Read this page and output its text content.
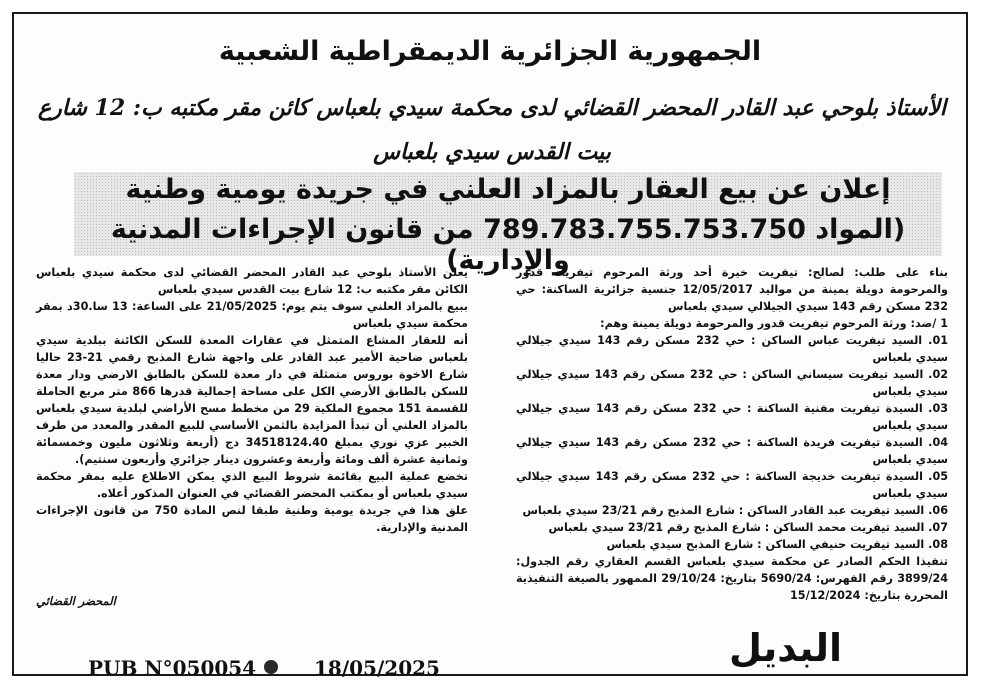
الجمهورية الجزائرية الديمقراطية الشعبية
الأستاذ بلوحي عبد القادر المحضر القضائي لدى محكمة سيدي بلعباس كائن مقر مكتبه ب: 12 شارع بيت القدس سيدي بلعباس
إعلان عن بيع العقار بالمزاد العلني في جريدة يومية وطنية
(المواد 789.783.755.753.750 من قانون الإجراءات المدنية والإدارية)

بناء على طلب: لصالح: تيفريت خيرة أحد ورثة المرحوم تيفريت قدور والمرحومة دويلة يمينة من مواليد 12/05/2017 جنسية جزائرية الساكنة: حي 232 مسكن رقم 143 سيدي الجيلالي سيدي بلعباس

1 /ضد: ورثة المرحوم تيفريت قدور والمرحومة دويلة يمينة وهم:

01. السيد تيفريت عباس الساكن : حي 232 مسكن رقم 143 سيدي جيلالي سيدي بلعباس

02. السيد تيفريت سيساني الساكن : حي 232 مسكن رقم 143 سيدي جيلالي سيدي بلعباس

03. السيدة تيفريت مفنية الساكنة : حي 232 مسكن رقم 143 سيدي جيلالي سيدي بلعباس

04. السيدة تيفريت فريدة الساكنة : حي 232 مسكن رقم 143 سيدي جيلالي سيدي بلعباس

05. السيدة تيفريت خديجة الساكنة : حي 232 مسكن رقم 143 سيدي جيلالي سيدي بلعباس

06. السيد تيفريت عبد القادر الساكن : شارع المذبح رقم 23/21 سيدي بلعباس

07. السيد تيفريت محمد الساكن : شارع المذبح رقم 23/21 سيدي بلعباس

08. السيد تيفريت حنيفي الساكن : شارع المذبح سيدي بلعباس

تنفيذا الحكم الصادر عن محكمة سيدي بلعباس القسم العقاري رقم الجدول: 3899/24 رقم الفهرس: 5690/24 بتاريخ: 29/10/24 الممهور بالصيغة التنفيذية المحررة بتاريخ: 15/12/2024

يعلن الأستاذ بلوحي عبد القادر المحضر القضائي لدى محكمة سيدي بلعباس الكائن مقر مكتبه ب: 12 شارع بيت القدس سيدي بلعباس

ببيع بالمزاد العلني سوف يتم يوم: 21/05/2025 على الساعة: 13 سا.30د بمقر محكمة سيدي بلعباس

أنه للعقار المشاع المتمثل في عقارات المعدة للسكن الكائنة ببلدية سيدي بلعباس ضاحية الأمير عبد القادر على واجهة شارع المذبح رقمي 21-23 حاليا شارع الاخوة بوروس متمثلة في دار معدة للسكن بالطابق الارضي ودار معدة للسكن بالطابق الأرضي الكل على مساحة إجمالية قدرها 866 متر مربع الحاملة للقسمة 151 مجموع الملكية 29 من مخطط مسح الأراضي لبلدية سيدي بلعباس بالمزاد العلني أن تبدأ المزايدة بالثمن الأساسي للبيع المقدر والمعدد من طرف الخبير عزي نوري بمبلغ 34518124.40 دج (أربعة وثلاثون مليون وخمسمائة وثمانية عشرة ألف ومائة وأربعة وعشرون دينار جزائري وأربعون سنتيم).

تخضع عملية البيع بقائمة شروط البيع الذي يمكن الاطلاع عليه بمقر محكمة سيدي بلعباس أو بمكتب المحضر القضائي في العنوان المذكور أعلاه.

علق هذا في جريدة يومية وطنية طبقا لنص المادة 750 من قانون الإجراءات المدنية والإدارية.

المحضر القضائي
PUB N°050054	18/05/2025	البديل
